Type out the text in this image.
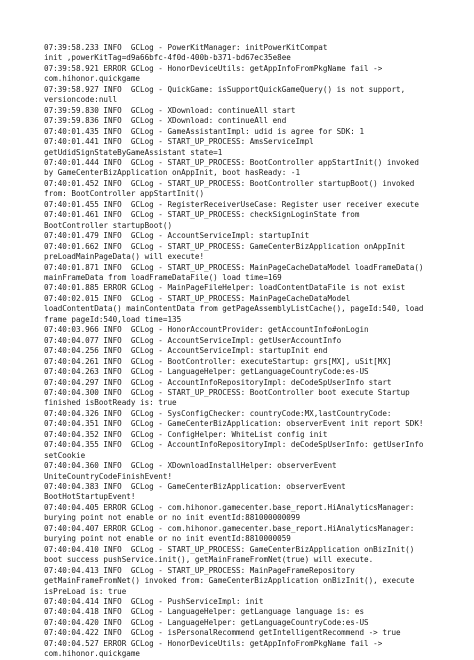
07:39:58.233 INFO  GCLog - PowerKitManager: initPowerKitCompat
init ,powerKitTag=d9a66bfc-4f0d-400b-b371-bd67ec35e8ee
07:39:58.921 ERROR GCLog - HonorDeviceUtils: getAppInfoFromPkgName fail ->
com.hihonor.quickgame
07:39:58.927 INFO  GCLog - QuickGame: isSupportQuickGameQuery() is not support,
versioncode:null
07:39:59.830 INFO  GCLog - XDownload: continueAll start
07:39:59.836 INFO  GCLog - XDownload: continueAll end
07:40:01.435 INFO  GCLog - GameAssistantImpl: udid is agree for SDK: 1
07:40:01.441 INFO  GCLog - START_UP_PROCESS: AmsServiceImpl
getUdidSignStateByGameAssistant state=1
07:40:01.444 INFO  GCLog - START_UP_PROCESS: BootController appStartInit() invoked
by GameCenterBizApplication onAppInit, boot hasReady: -1
07:40:01.452 INFO  GCLog - START_UP_PROCESS: BootController startupBoot() invoked
from: BootController appStartInit()
07:40:01.455 INFO  GCLog - RegisterReceiverUseCase: Register user receiver execute
07:40:01.461 INFO  GCLog - START_UP_PROCESS: checkSignLoginState from
BootController startupBoot()
07:40:01.479 INFO  GCLog - AccountServiceImpl: startupInit
07:40:01.662 INFO  GCLog - START_UP_PROCESS: GameCenterBizApplication onAppInit
preLoadMainPageData() will execute!
07:40:01.871 INFO  GCLog - START_UP_PROCESS: MainPageCacheDataModel loadFrameData()
mainFrameData from loadFrameDataFile() load time=169
07:40:01.885 ERROR GCLog - MainPageFileHelper: loadContentDataFile is not exist
07:40:02.015 INFO  GCLog - START_UP_PROCESS: MainPageCacheDataModel
loadContentData() mainContentData from getPageAssemblyListCache(), pageId:540, load
frame pageId:540,load time=135
07:40:03.966 INFO  GCLog - HonorAccountProvider: getAccountInfo#onLogin
07:40:04.077 INFO  GCLog - AccountServiceImpl: getUserAccountInfo
07:40:04.256 INFO  GCLog - AccountServiceImpl: startupInit end
07:40:04.261 INFO  GCLog - BootController: executeStartup: grs[MX], uSit[MX]
07:40:04.263 INFO  GCLog - LanguageHelper: getLanguageCountryCode:es-US
07:40:04.297 INFO  GCLog - AccountInfoRepositoryImpl: deCodeSpUserInfo start
07:40:04.300 INFO  GCLog - START_UP_PROCESS: BootController boot execute Startup
finished isBootReady is: true
07:40:04.326 INFO  GCLog - SysConfigChecker: countryCode:MX,lastCountryCode:
07:40:04.351 INFO  GCLog - GameCenterBizApplication: observerEvent init report SDK!
07:40:04.352 INFO  GCLog - ConfigHelper: WhiteList config init
07:40:04.355 INFO  GCLog - AccountInfoRepositoryImpl: deCodeSpUserInfo: getUserInfo
setCookie
07:40:04.360 INFO  GCLog - XDownloadInstallHelper: observerEvent
UniteCountryCodeFinishEvent!
07:40:04.383 INFO  GCLog - GameCenterBizApplication: observerEvent
BootHotStartupEvent!
07:40:04.405 ERROR GCLog - com.hihonor.gamecenter.base_report.HiAnalyticsManager:
burying point not enable or no init eventId:881000000099
07:40:04.407 ERROR GCLog - com.hihonor.gamecenter.base_report.HiAnalyticsManager:
burying point not enable or no init eventId:8810000059
07:40:04.410 INFO  GCLog - START_UP_PROCESS: GameCenterBizApplication onBizInit()
boot success pushService.init(), getMainFrameFromNet(true) will execute.
07:40:04.413 INFO  GCLog - START_UP_PROCESS: MainPageFrameRepository
getMainFrameFromNet() invoked from: GameCenterBizApplication onBizInit(), execute
isPreLoad is: true
07:40:04.414 INFO  GCLog - PushServiceImpl: init
07:40:04.418 INFO  GCLog - LanguageHelper: getLanguage language is: es
07:40:04.420 INFO  GCLog - LanguageHelper: getLanguageCountryCode:es-US
07:40:04.422 INFO  GCLog - isPersonalRecommend getIntelligentRecommend -> true
07:40:04.527 ERROR GCLog - HonorDeviceUtils: getAppInfoFromPkgName fail ->
com.hihonor.quickgame
